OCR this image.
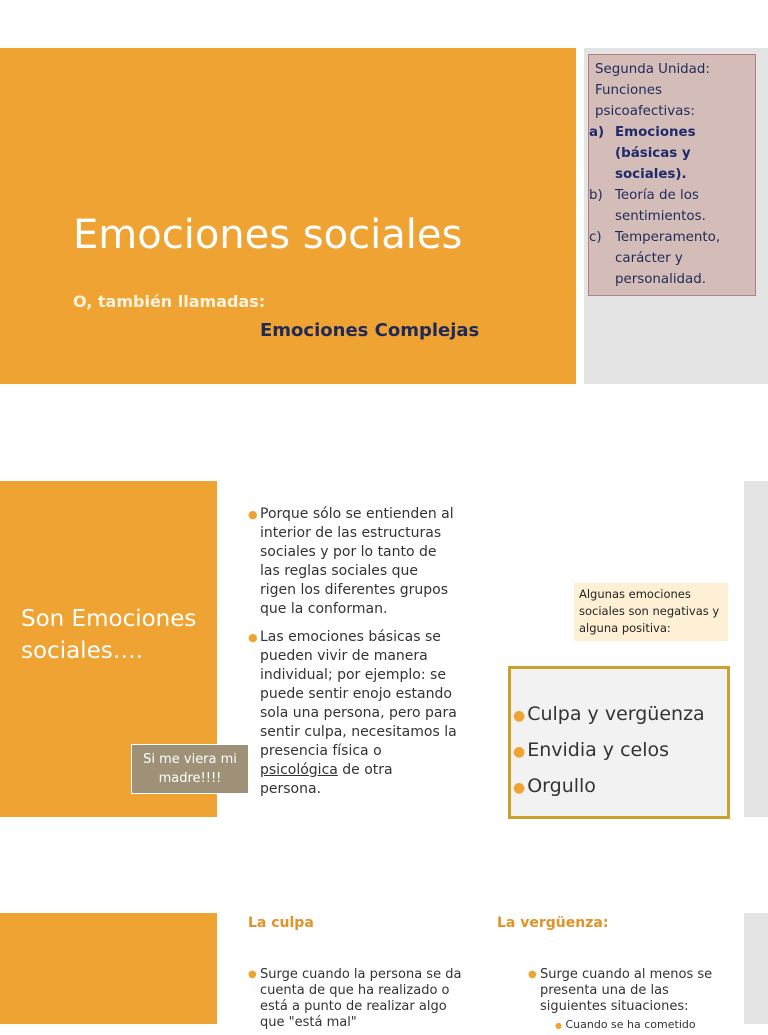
Emociones sociales
O, también llamadas:
Emociones Complejas
Segunda Unidad: Funciones psicoafectivas:
a) Emociones (básicas y sociales).
b) Teoría de los sentimientos.
c)	Temperamento, carácter y personalidad.
Son Emociones sociales….
● Porque sólo se entienden al interior de las estructuras sociales y por lo tanto de las reglas sociales que rigen los diferentes grupos que la conforman.
● Las emociones básicas se pueden vivir de manera individual; por ejemplo: se puede sentir enojo estando sola una persona, pero para sentir culpa, necesitamos la presencia física o psicológica de otra persona.
Si me viera mi madre!!!!
Algunas emociones sociales son negativas y alguna positiva:
● Culpa y vergüenza
● Envidia y celos
● Orgullo
La culpa	La vergüenza:
● Surge cuando la persona se da cuenta de que ha realizado o está a punto de realizar algo que "está mal"
● Surge cuando al menos se presenta una de las siguientes situaciones:
● Cuando se ha cometido
